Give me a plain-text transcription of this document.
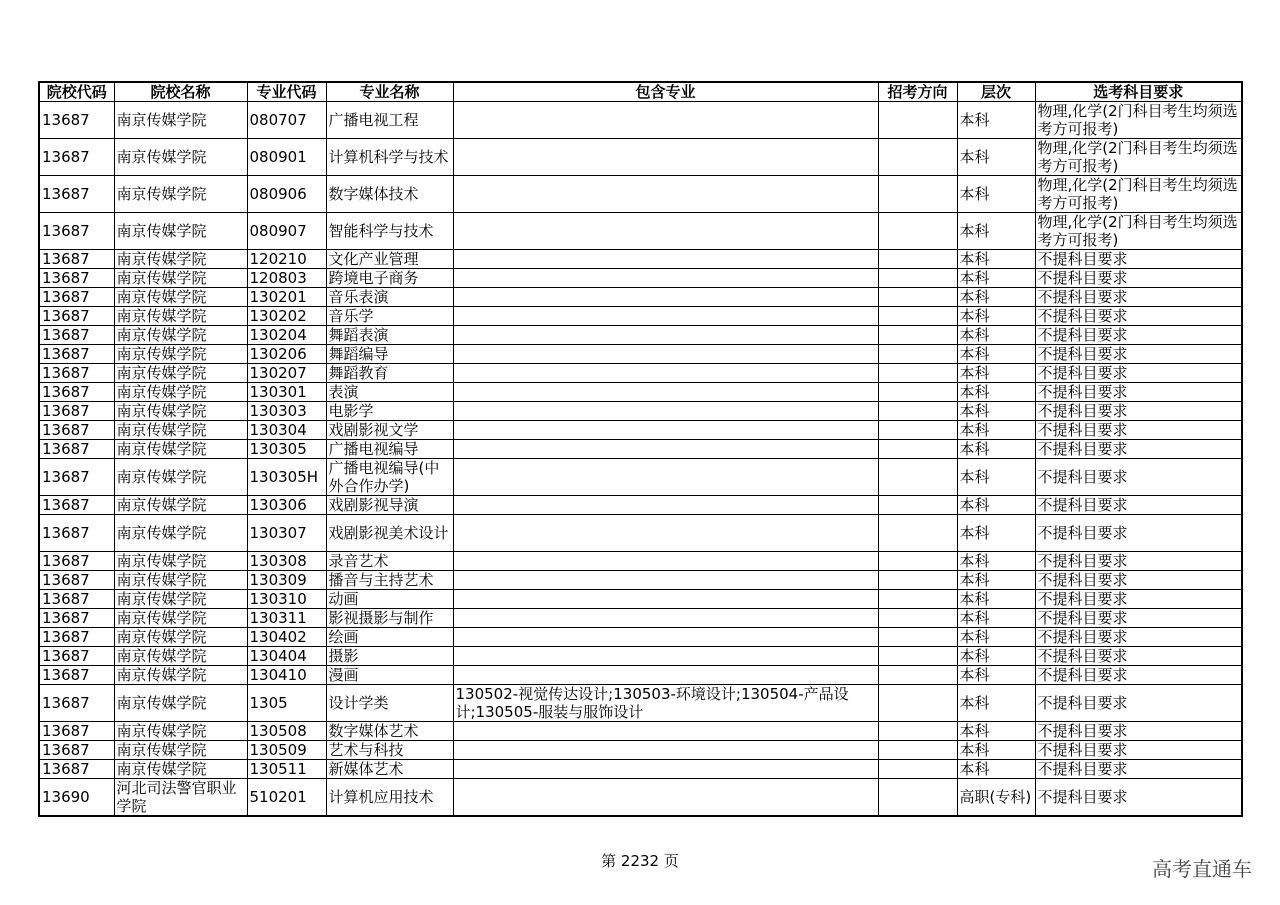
院校代码	院校名称	专业代码	专业名称	包含专业	招考方向	层次	选考科目要求
13687	南京传媒学院	080707	广播电视工程			本科	物理,化学(2门科目考生均须选考方可报考)
13687	南京传媒学院	080901	计算机科学与技术			本科	物理,化学(2门科目考生均须选考方可报考)
13687	南京传媒学院	080906	数字媒体技术			本科	物理,化学(2门科目考生均须选考方可报考)
13687	南京传媒学院	080907	智能科学与技术			本科	物理,化学(2门科目考生均须选考方可报考)
13687	南京传媒学院	120210	文化产业管理			本科	不提科目要求
13687	南京传媒学院	120803	跨境电子商务			本科	不提科目要求
13687	南京传媒学院	130201	音乐表演			本科	不提科目要求
13687	南京传媒学院	130202	音乐学			本科	不提科目要求
13687	南京传媒学院	130204	舞蹈表演			本科	不提科目要求
13687	南京传媒学院	130206	舞蹈编导			本科	不提科目要求
13687	南京传媒学院	130207	舞蹈教育			本科	不提科目要求
13687	南京传媒学院	130301	表演			本科	不提科目要求
13687	南京传媒学院	130303	电影学			本科	不提科目要求
13687	南京传媒学院	130304	戏剧影视文学			本科	不提科目要求
13687	南京传媒学院	130305	广播电视编导			本科	不提科目要求
13687	南京传媒学院	130305H	广播电视编导(中外合作办学)			本科	不提科目要求
13687	南京传媒学院	130306	戏剧影视导演			本科	不提科目要求
13687	南京传媒学院	130307	戏剧影视美术设计			本科	不提科目要求
13687	南京传媒学院	130308	录音艺术			本科	不提科目要求
13687	南京传媒学院	130309	播音与主持艺术			本科	不提科目要求
13687	南京传媒学院	130310	动画			本科	不提科目要求
13687	南京传媒学院	130311	影视摄影与制作			本科	不提科目要求
13687	南京传媒学院	130402	绘画			本科	不提科目要求
13687	南京传媒学院	130404	摄影			本科	不提科目要求
13687	南京传媒学院	130410	漫画			本科	不提科目要求
13687	南京传媒学院	1305	设计学类	130502-视觉传达设计;130503-环境设计;130504-产品设计;130505-服装与服饰设计		本科	不提科目要求
13687	南京传媒学院	130508	数字媒体艺术			本科	不提科目要求
13687	南京传媒学院	130509	艺术与科技			本科	不提科目要求
13687	南京传媒学院	130511	新媒体艺术			本科	不提科目要求
13690	河北司法警官职业学院	510201	计算机应用技术			高职(专科)	不提科目要求
第 2232 页	高考直通车
